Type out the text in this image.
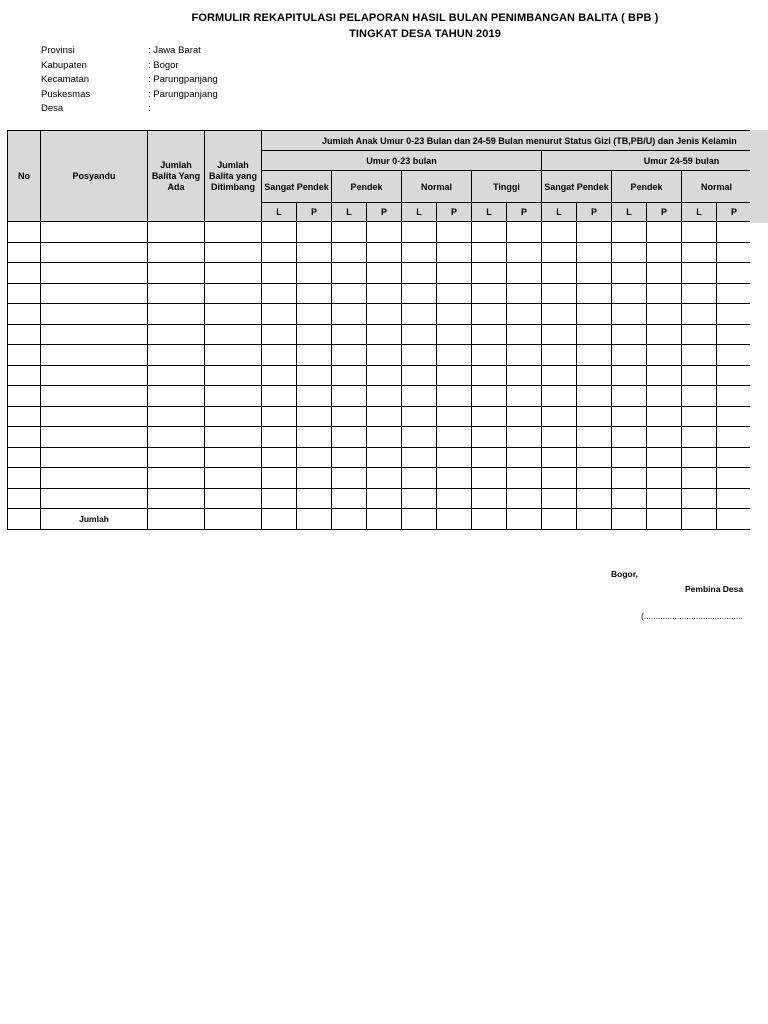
FORMULIR REKAPITULASI PELAPORAN HASIL BULAN PENIMBANGAN BALITA ( BPB )
TINGKAT DESA TAHUN 2019
Provinsi	: Jawa Barat
Kabupaten	: Bogor
Kecamatan	: Parungpanjang
Puskesmas	: Parungpanjang
Desa	:
No	Posyandu	Jumlah Balita Yang Ada	Jumlah Balita yang Ditimbang	Jumlah Anak Umur 0-23 Bulan dan 24-59 Bulan menurut Status Gizi (TB,PB/U) dan Jenis Kelamin															
				Umur 0-23 bulan								Umur 24-59 bulan							
				Sangat Pendek		Pendek		Normal		Tinggi		Sangat Pendek		Pendek		Normal			
				L	P	L	P	L	P	L	P	L	P	L	P	L	P		

	Jumlah																		
Bogor,
Pembina Desa
(..........................................
